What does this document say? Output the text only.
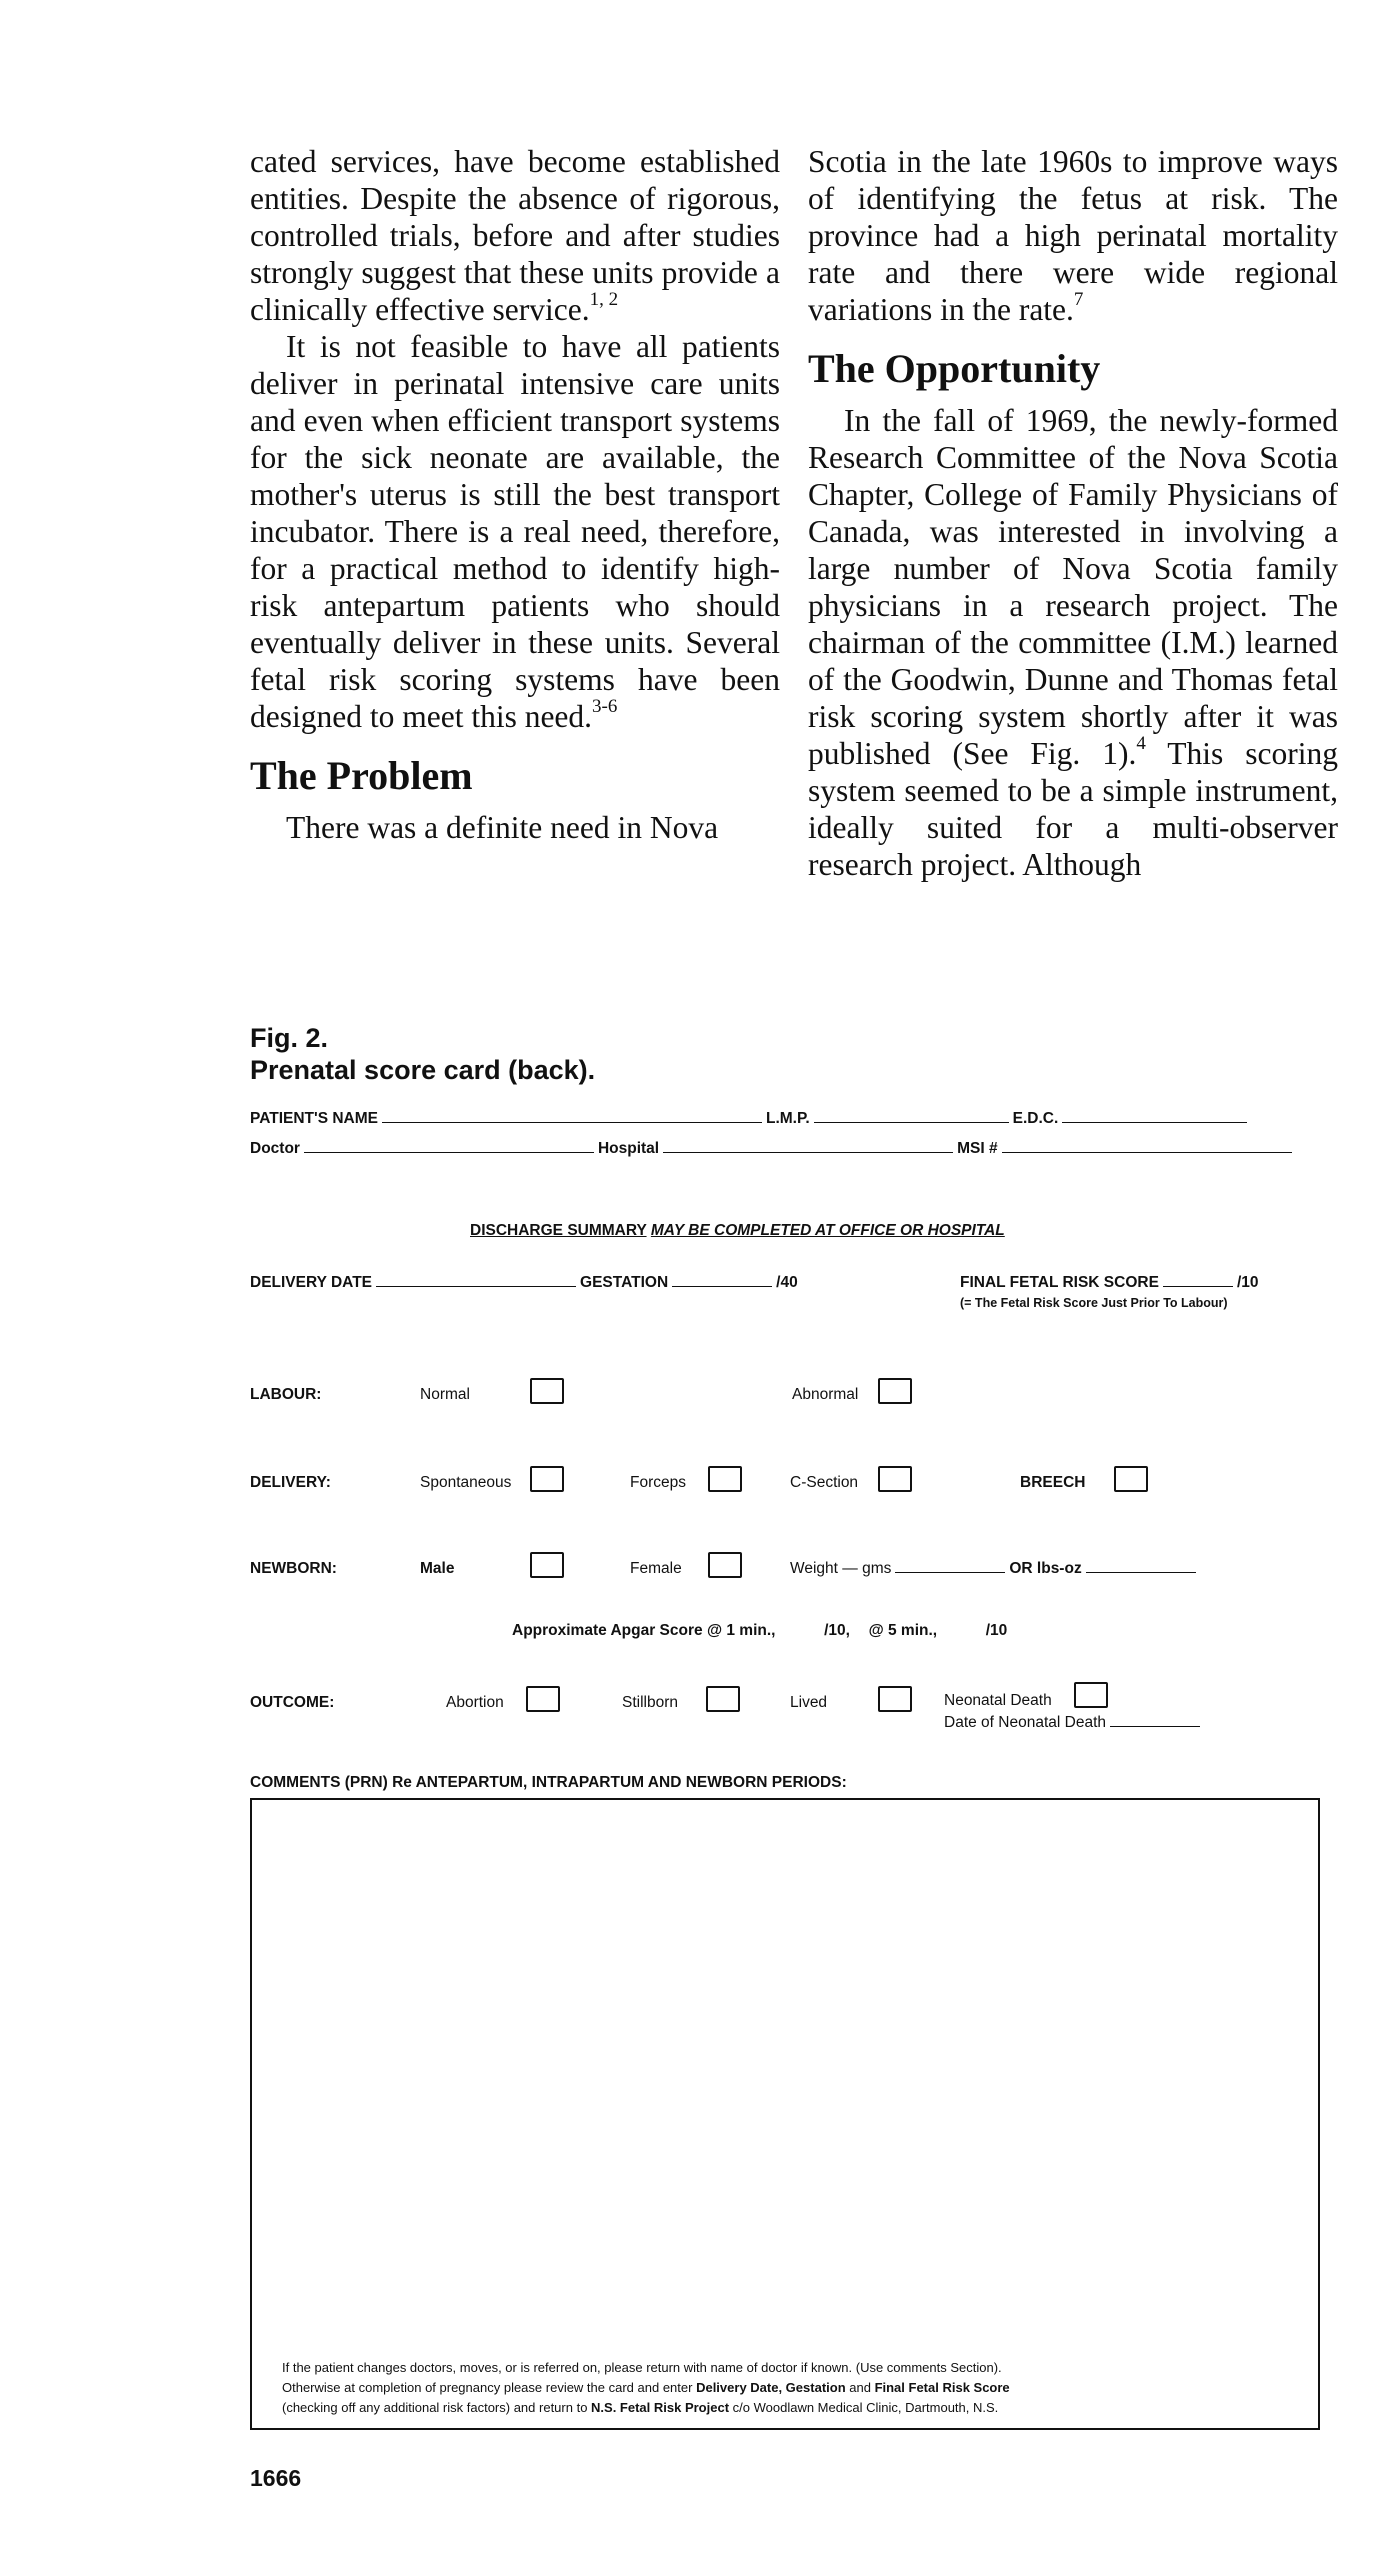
cated services, have become established entities. Despite the absence of rigorous, controlled trials, before and after studies strongly suggest that these units provide a clinically effective service.$^{1, 2}$

It is not feasible to have all patients deliver in perinatal intensive care units and even when efficient transport systems for the sick neonate are available, the mother's uterus is still the best transport incubator. There is a real need, therefore, for a practical method to identify high-risk antepartum patients who should eventually deliver in these units. Several fetal risk scoring systems have been designed to meet this need.$^{3-6}$

The Problem

There was a definite need in Nova

Scotia in the late 1960s to improve ways of identifying the fetus at risk. The province had a high perinatal mortality rate and there were wide regional variations in the rate.$^7$

The Opportunity

In the fall of 1969, the newly-formed Research Committee of the Nova Scotia Chapter, College of Family Physicians of Canada, was interested in involving a large number of Nova Scotia family physicians in a research project. The chairman of the committee (I.M.) learned of the Goodwin, Dunne and Thomas fetal risk scoring system shortly after it was published (See Fig. 1).$^4$ This scoring system seemed to be a simple instrument, ideally suited for a multi-observer research project. Although

Fig. 2.
Prenatal score card (back).
PATIENT'S NAME	L.M.P.	E.D.C.
Doctor	Hospital	MSI #
DISCHARGE SUMMARY MAY BE COMPLETED AT OFFICE OR HOSPITAL
DELIVERY DATE	GESTATION	/40	FINAL FETAL RISK SCORE	/10
(= The Fetal Risk Score Just Prior To Labour)
LABOUR:	Normal	Abnormal
DELIVERY:	Spontaneous	Forceps	C-Section	BREECH
NEWBORN:	Male	Female	Weight — gms	OR lbs-oz
Approximate Apgar Score @ 1 min.,	/10, @ 5 min.,	/10
OUTCOME:	Abortion	Stillborn	Lived	Neonatal Death
Date of Neonatal Death
COMMENTS (PRN) Re ANTEPARTUM, INTRAPARTUM AND NEWBORN PERIODS:
If the patient changes doctors, moves, or is referred on, please return with name of doctor if known. (Use comments Section).
Otherwise at completion of pregnancy please review the card and enter Delivery Date, Gestation and Final Fetal Risk Score
(checking off any additional risk factors) and return to N.S. Fetal Risk Project c/o Woodlawn Medical Clinic, Dartmouth, N.S.
1666
